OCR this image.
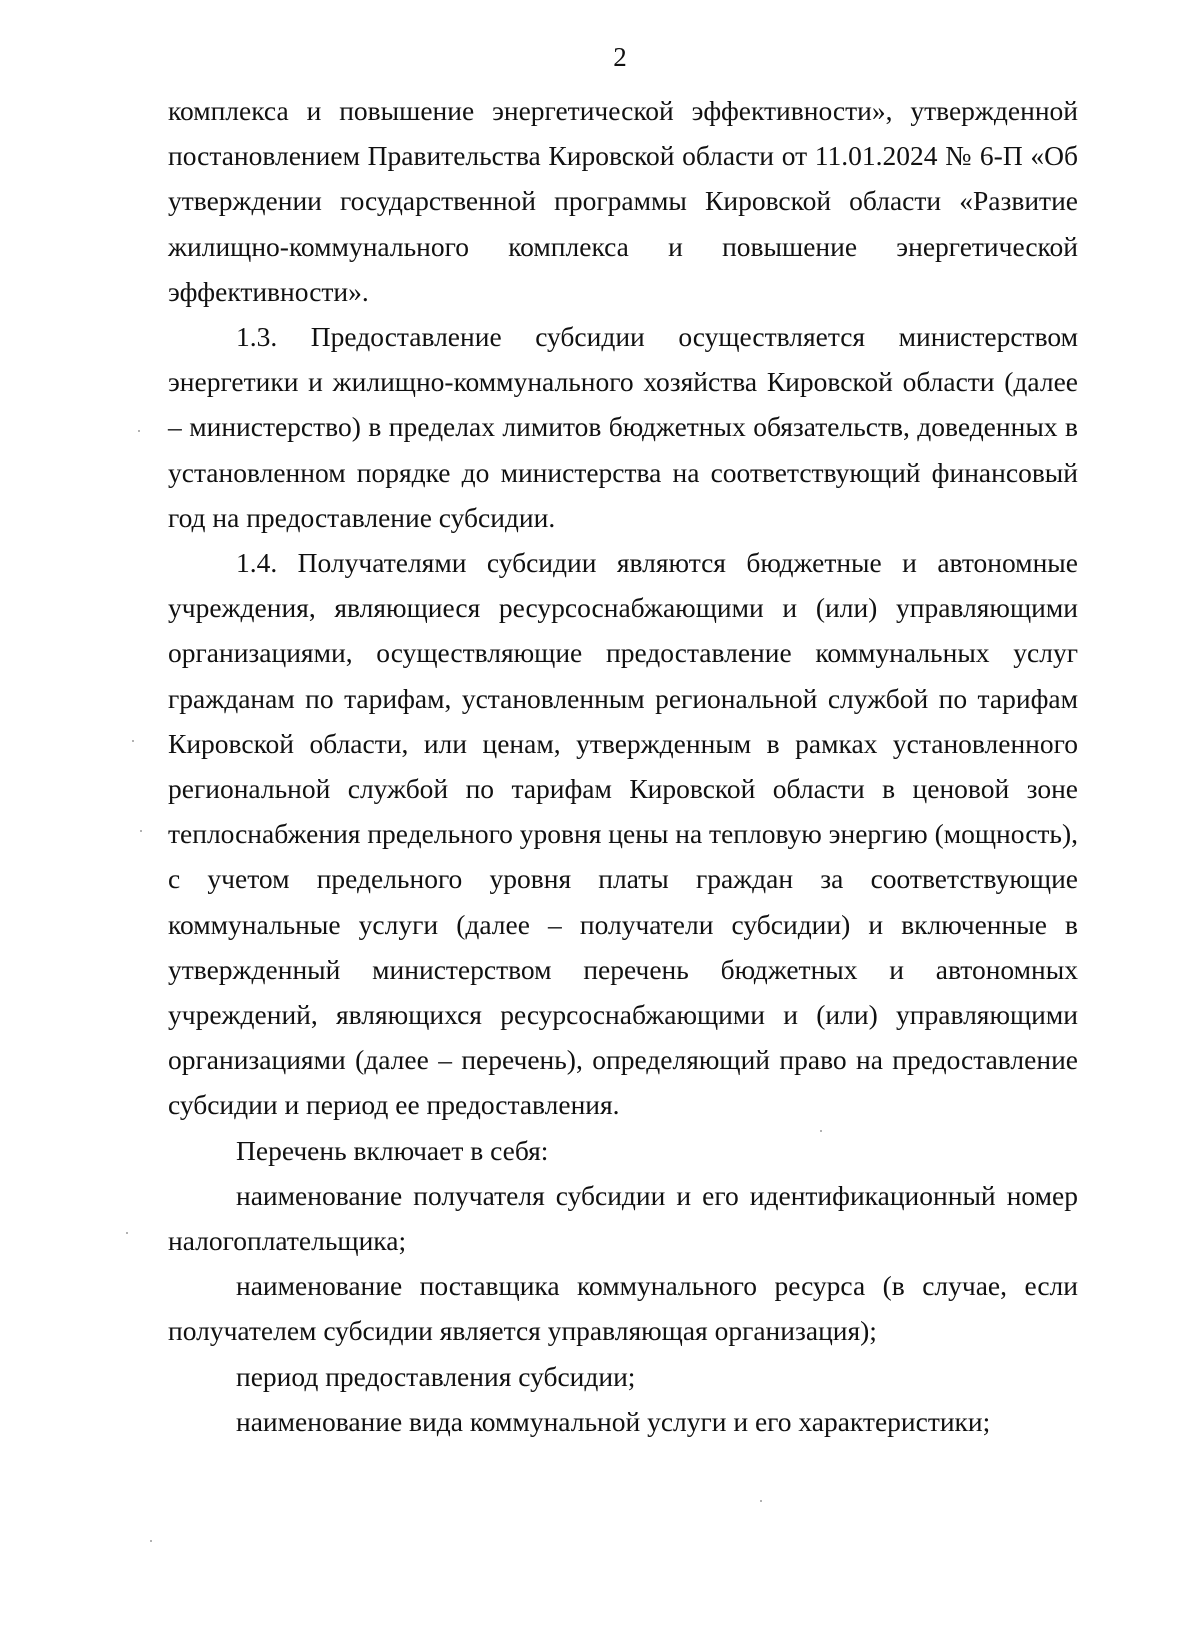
2

комплекса и повышение энергетической эффективности», утвержденной постановлением Правительства Кировской области от 11.01.2024 № 6-П «Об утверждении государственной программы Кировской области «Развитие жилищно-коммунального комплекса и повышение энергетической эффективности».

1.3. Предоставление субсидии осуществляется министерством энергетики и жилищно-коммунального хозяйства Кировской области (далее – министерство) в пределах лимитов бюджетных обязательств, доведенных в установленном порядке до министерства на соответствующий финансовый год на предоставление субсидии.

1.4. Получателями субсидии являются бюджетные и автономные учреждения, являющиеся ресурсоснабжающими и (или) управляющими организациями, осуществляющие предоставление коммунальных услуг гражданам по тарифам, установленным региональной службой по тарифам Кировской области, или ценам, утвержденным в рамках установленного региональной службой по тарифам Кировской области в ценовой зоне теплоснабжения предельного уровня цены на тепловую энергию (мощность), с учетом предельного уровня платы граждан за соответствующие коммунальные услуги (далее – получатели субсидии) и включенные в утвержденный министерством перечень бюджетных и автономных учреждений, являющихся ресурсоснабжающими и (или) управляющими организациями (далее – перечень), определяющий право на предоставление субсидии и период ее предоставления.

Перечень включает в себя:

наименование получателя субсидии и его идентификационный номер налогоплательщика;

наименование поставщика коммунального ресурса (в случае, если получателем субсидии является управляющая организация);

период предоставления субсидии;

наименование вида коммунальной услуги и его характеристики;
